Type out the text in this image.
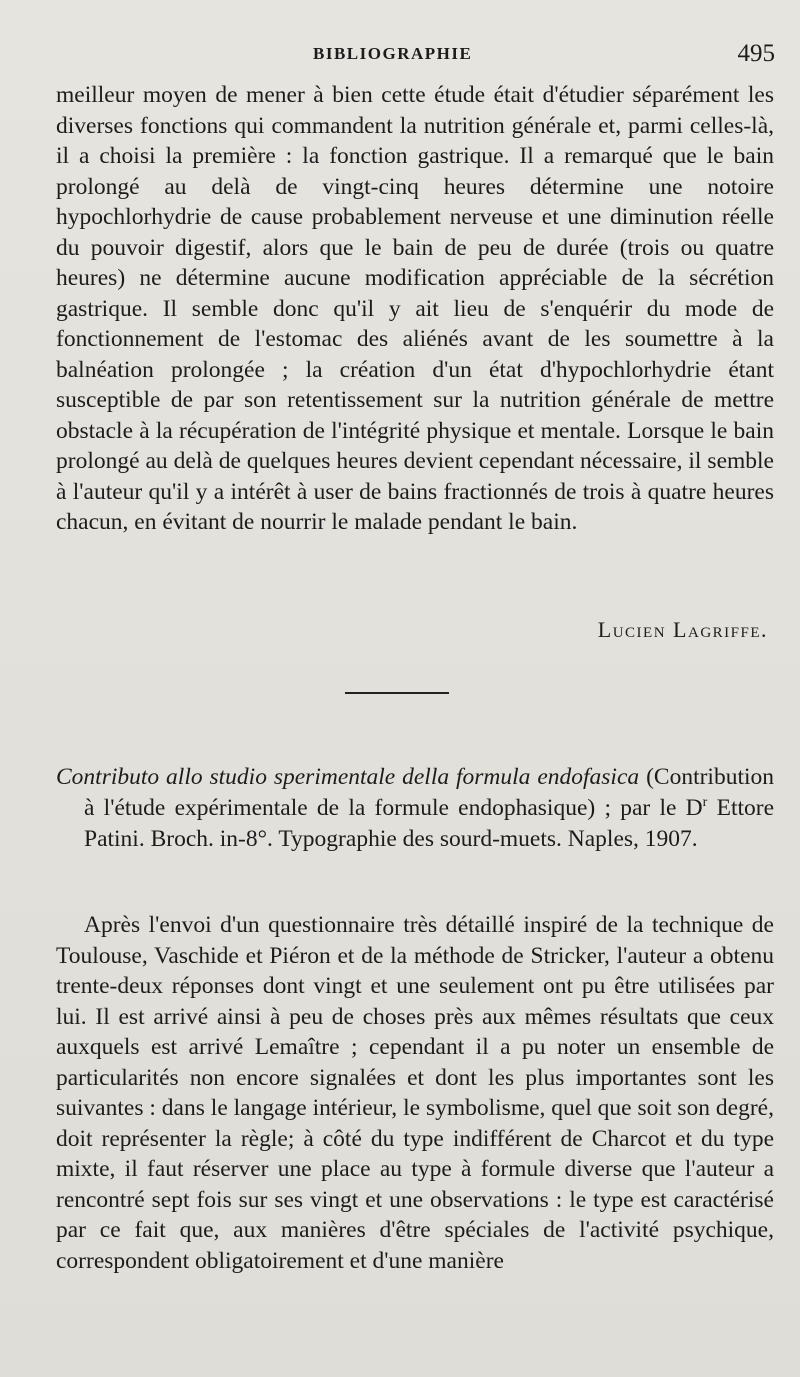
BIBLIOGRAPHIE	495

meilleur moyen de mener à bien cette étude était d'étudier séparément les diverses fonctions qui commandent la nutrition générale et, parmi celles-là, il a choisi la première : la fonction gastrique. Il a remarqué que le bain prolongé au delà de vingt-cinq heures détermine une notoire hypochlorhydrie de cause probablement nerveuse et une diminution réelle du pouvoir digestif, alors que le bain de peu de durée (trois ou quatre heures) ne détermine aucune modification appréciable de la sécrétion gastrique. Il semble donc qu'il y ait lieu de s'enquérir du mode de fonctionnement de l'estomac des aliénés avant de les soumettre à la balnéation prolongée ; la création d'un état d'hypochlorhydrie étant susceptible de par son retentissement sur la nutrition générale de mettre obstacle à la récupération de l'intégrité physique et mentale. Lorsque le bain prolongé au delà de quelques heures devient cependant nécessaire, il semble à l'auteur qu'il y a intérêt à user de bains fractionnés de trois à quatre heures chacun, en évitant de nourrir le malade pendant le bain.

Lucien Lagriffe.

Contributo allo studio sperimentale della formula endofasica (Contribution à l'étude expérimentale de la formule endophasique) ; par le $D^r$ Ettore Patini. Broch. in-8°. Typographie des sourd-muets. Naples, 1907.

Après l'envoi d'un questionnaire très détaillé inspiré de la technique de Toulouse, Vaschide et Piéron et de la méthode de Stricker, l'auteur a obtenu trente-deux réponses dont vingt et une seulement ont pu être utilisées par lui. Il est arrivé ainsi à peu de choses près aux mêmes résultats que ceux auxquels est arrivé Lemaître ; cependant il a pu noter un ensemble de particularités non encore signalées et dont les plus importantes sont les suivantes : dans le langage intérieur, le symbolisme, quel que soit son degré, doit représenter la règle; à côté du type indifférent de Charcot et du type mixte, il faut réserver une place au type à formule diverse que l'auteur a rencontré sept fois sur ses vingt et une observations : le type est caractérisé par ce fait que, aux manières d'être spéciales de l'activité psychique, correspondent obligatoirement et d'une manière
